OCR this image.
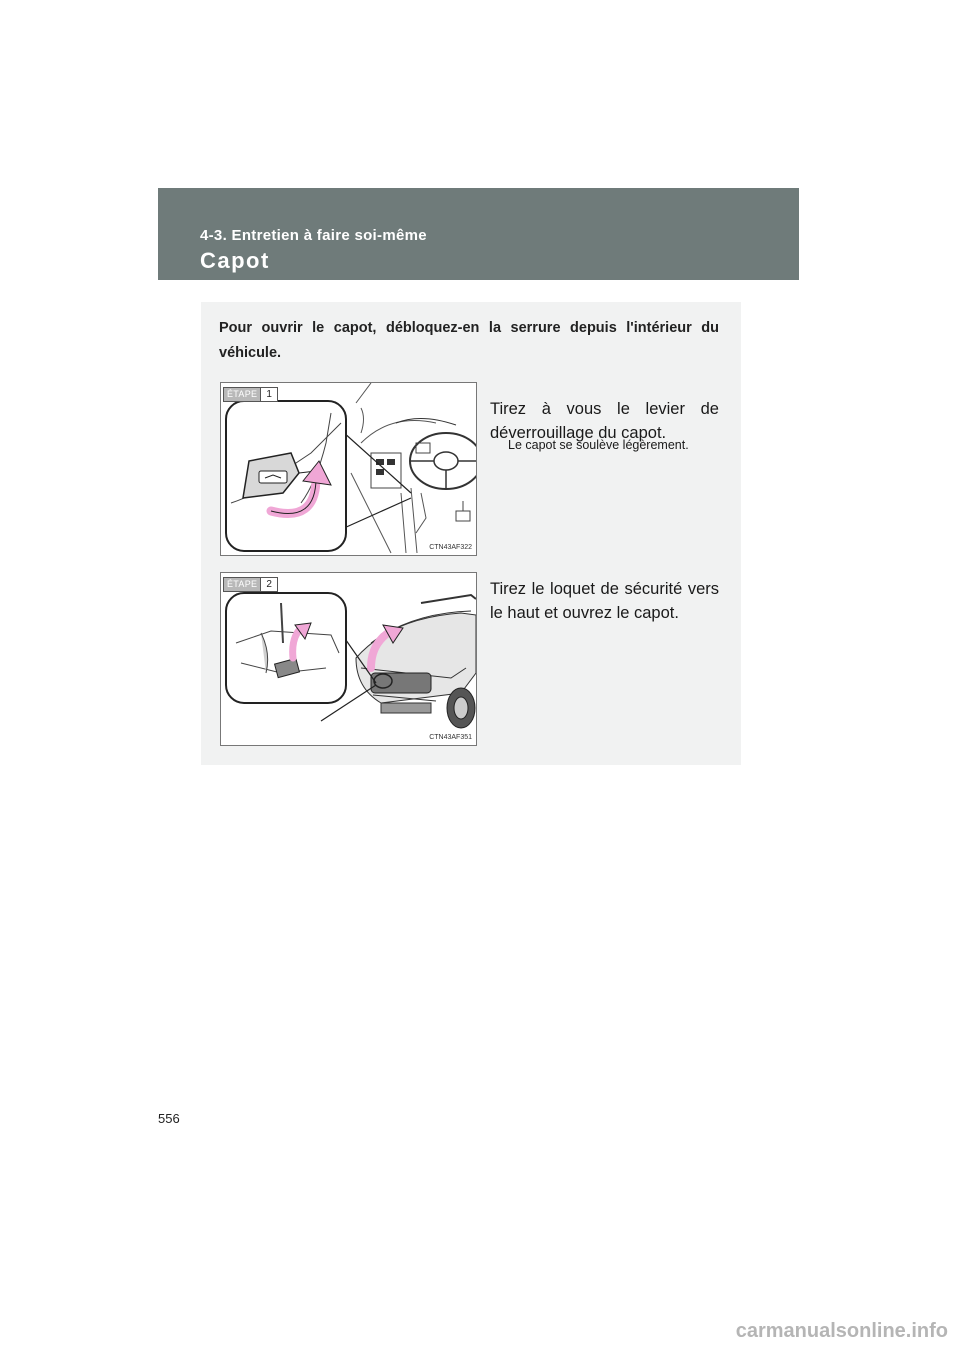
4-3. Entretien à faire soi-même
Capot
Pour ouvrir le capot, débloquez-en la serrure depuis l'intérieur du véhicule.
ÉTAPE 1
CTN43AF322
Tirez à vous le levier de déverrouillage du capot.
Le capot se soulève légèrement.
ÉTAPE 2
CTN43AF351
Tirez le loquet de sécurité vers le haut et ouvrez le capot.
556
carmanualsonline.info
